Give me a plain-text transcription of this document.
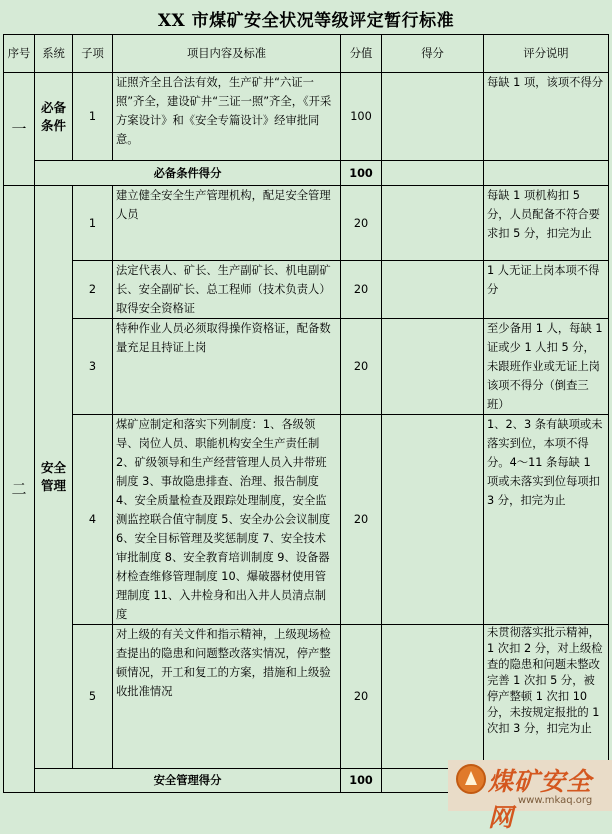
XX 市煤矿安全状况等级评定暂行标准
序号	系统	子项	项目内容及标准	分值	得分	评分说明
一	必备条件	1	证照齐全且合法有效，生产矿井“六证一照”齐全，建设矿井“三证一照”齐全，《开采方案设计》和《安全专篇设计》经审批同意。	100		每缺 1 项，该项不得分
	必备条件得分			100		
二	安全管理	1	建立健全安全生产管理机构，配足安全管理人员	20		每缺 1 项机构扣 5 分，人员配备不符合要求扣 5 分，扣完为止
		2	法定代表人、矿长、生产副矿长、机电副矿长、安全副矿长、总工程师（技术负责人）取得安全资格证	20		1 人无证上岗本项不得分
		3	特种作业人员必须取得操作资格证，配备数量充足且持证上岗	20		至少备用 1 人，每缺 1 证或少 1 人扣 5 分，未跟班作业或无证上岗该项不得分（倒查三班）
		4	煤矿应制定和落实下列制度：1、各级领导、岗位人员、职能机构安全生产责任制 2、矿级领导和生产经营管理人员入井带班制度 3、事故隐患排查、治理、报告制度 4、安全质量检查及跟踪处理制度，安全监测监控联合值守制度 5、安全办公会议制度 6、安全目标管理及奖惩制度 7、安全技术审批制度 8、安全教育培训制度 9、设备器材检查维修管理制度 10、爆破器材使用管理制度 11、入井检身和出入井人员清点制度	20		1、2、3 条有缺项或未落实到位，本项不得分。4～11 条每缺 1 项或未落实到位每项扣 3 分，扣完为止
		5	对上级的有关文件和指示精神，上级现场检查提出的隐患和问题整改落实情况，停产整顿情况，开工和复工的方案，措施和上级验收批准情况	20		未贯彻落实批示精神，1 次扣 2 分，对上级检查的隐患和问题未整改完善 1 次扣 5 分，被停产整顿 1 次扣 10 分，未按规定报批的 1 次扣 3 分，扣完为止

	安全管理得分			100			煤矿安全网
www.mkaq.org
